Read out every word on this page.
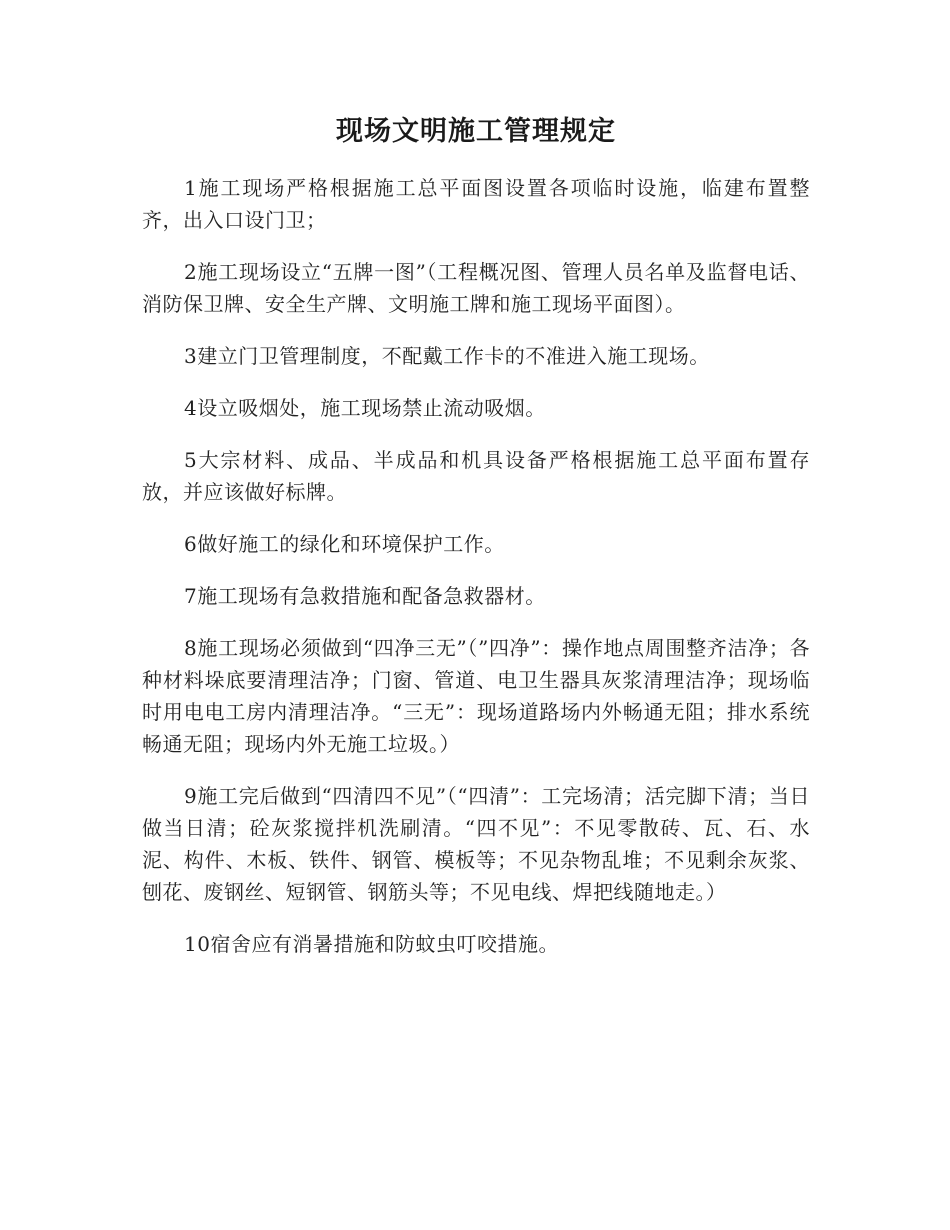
现场文明施工管理规定

1施工现场严格根据施工总平面图设置各项临时设施，临建布置整齐，出入口设门卫；

2施工现场设立“五牌一图”（工程概况图、管理人员名单及监督电话、消防保卫牌、安全生产牌、文明施工牌和施工现场平面图）。

3建立门卫管理制度，不配戴工作卡的不准进入施工现场。

4设立吸烟处，施工现场禁止流动吸烟。

5大宗材料、成品、半成品和机具设备严格根据施工总平面布置存放，并应该做好标牌。

6做好施工的绿化和环境保护工作。

7施工现场有急救措施和配备急救器材。

8施工现场必须做到“四净三无”（”四净”：操作地点周围整齐洁净；各种材料垛底要清理洁净；门窗、管道、电卫生器具灰浆清理洁净；现场临时用电电工房内清理洁净。“三无”：现场道路场内外畅通无阻；排水系统畅通无阻；现场内外无施工垃圾。）

9施工完后做到“四清四不见”（“四清”：工完场清；活完脚下清；当日做当日清；砼灰浆搅拌机洗刷清。“四不见”：不见零散砖、瓦、石、水泥、构件、木板、铁件、钢管、模板等；不见杂物乱堆；不见剩余灰浆、刨花、废钢丝、短钢管、钢筋头等；不见电线、焊把线随地走。）

10宿舍应有消暑措施和防蚊虫叮咬措施。
